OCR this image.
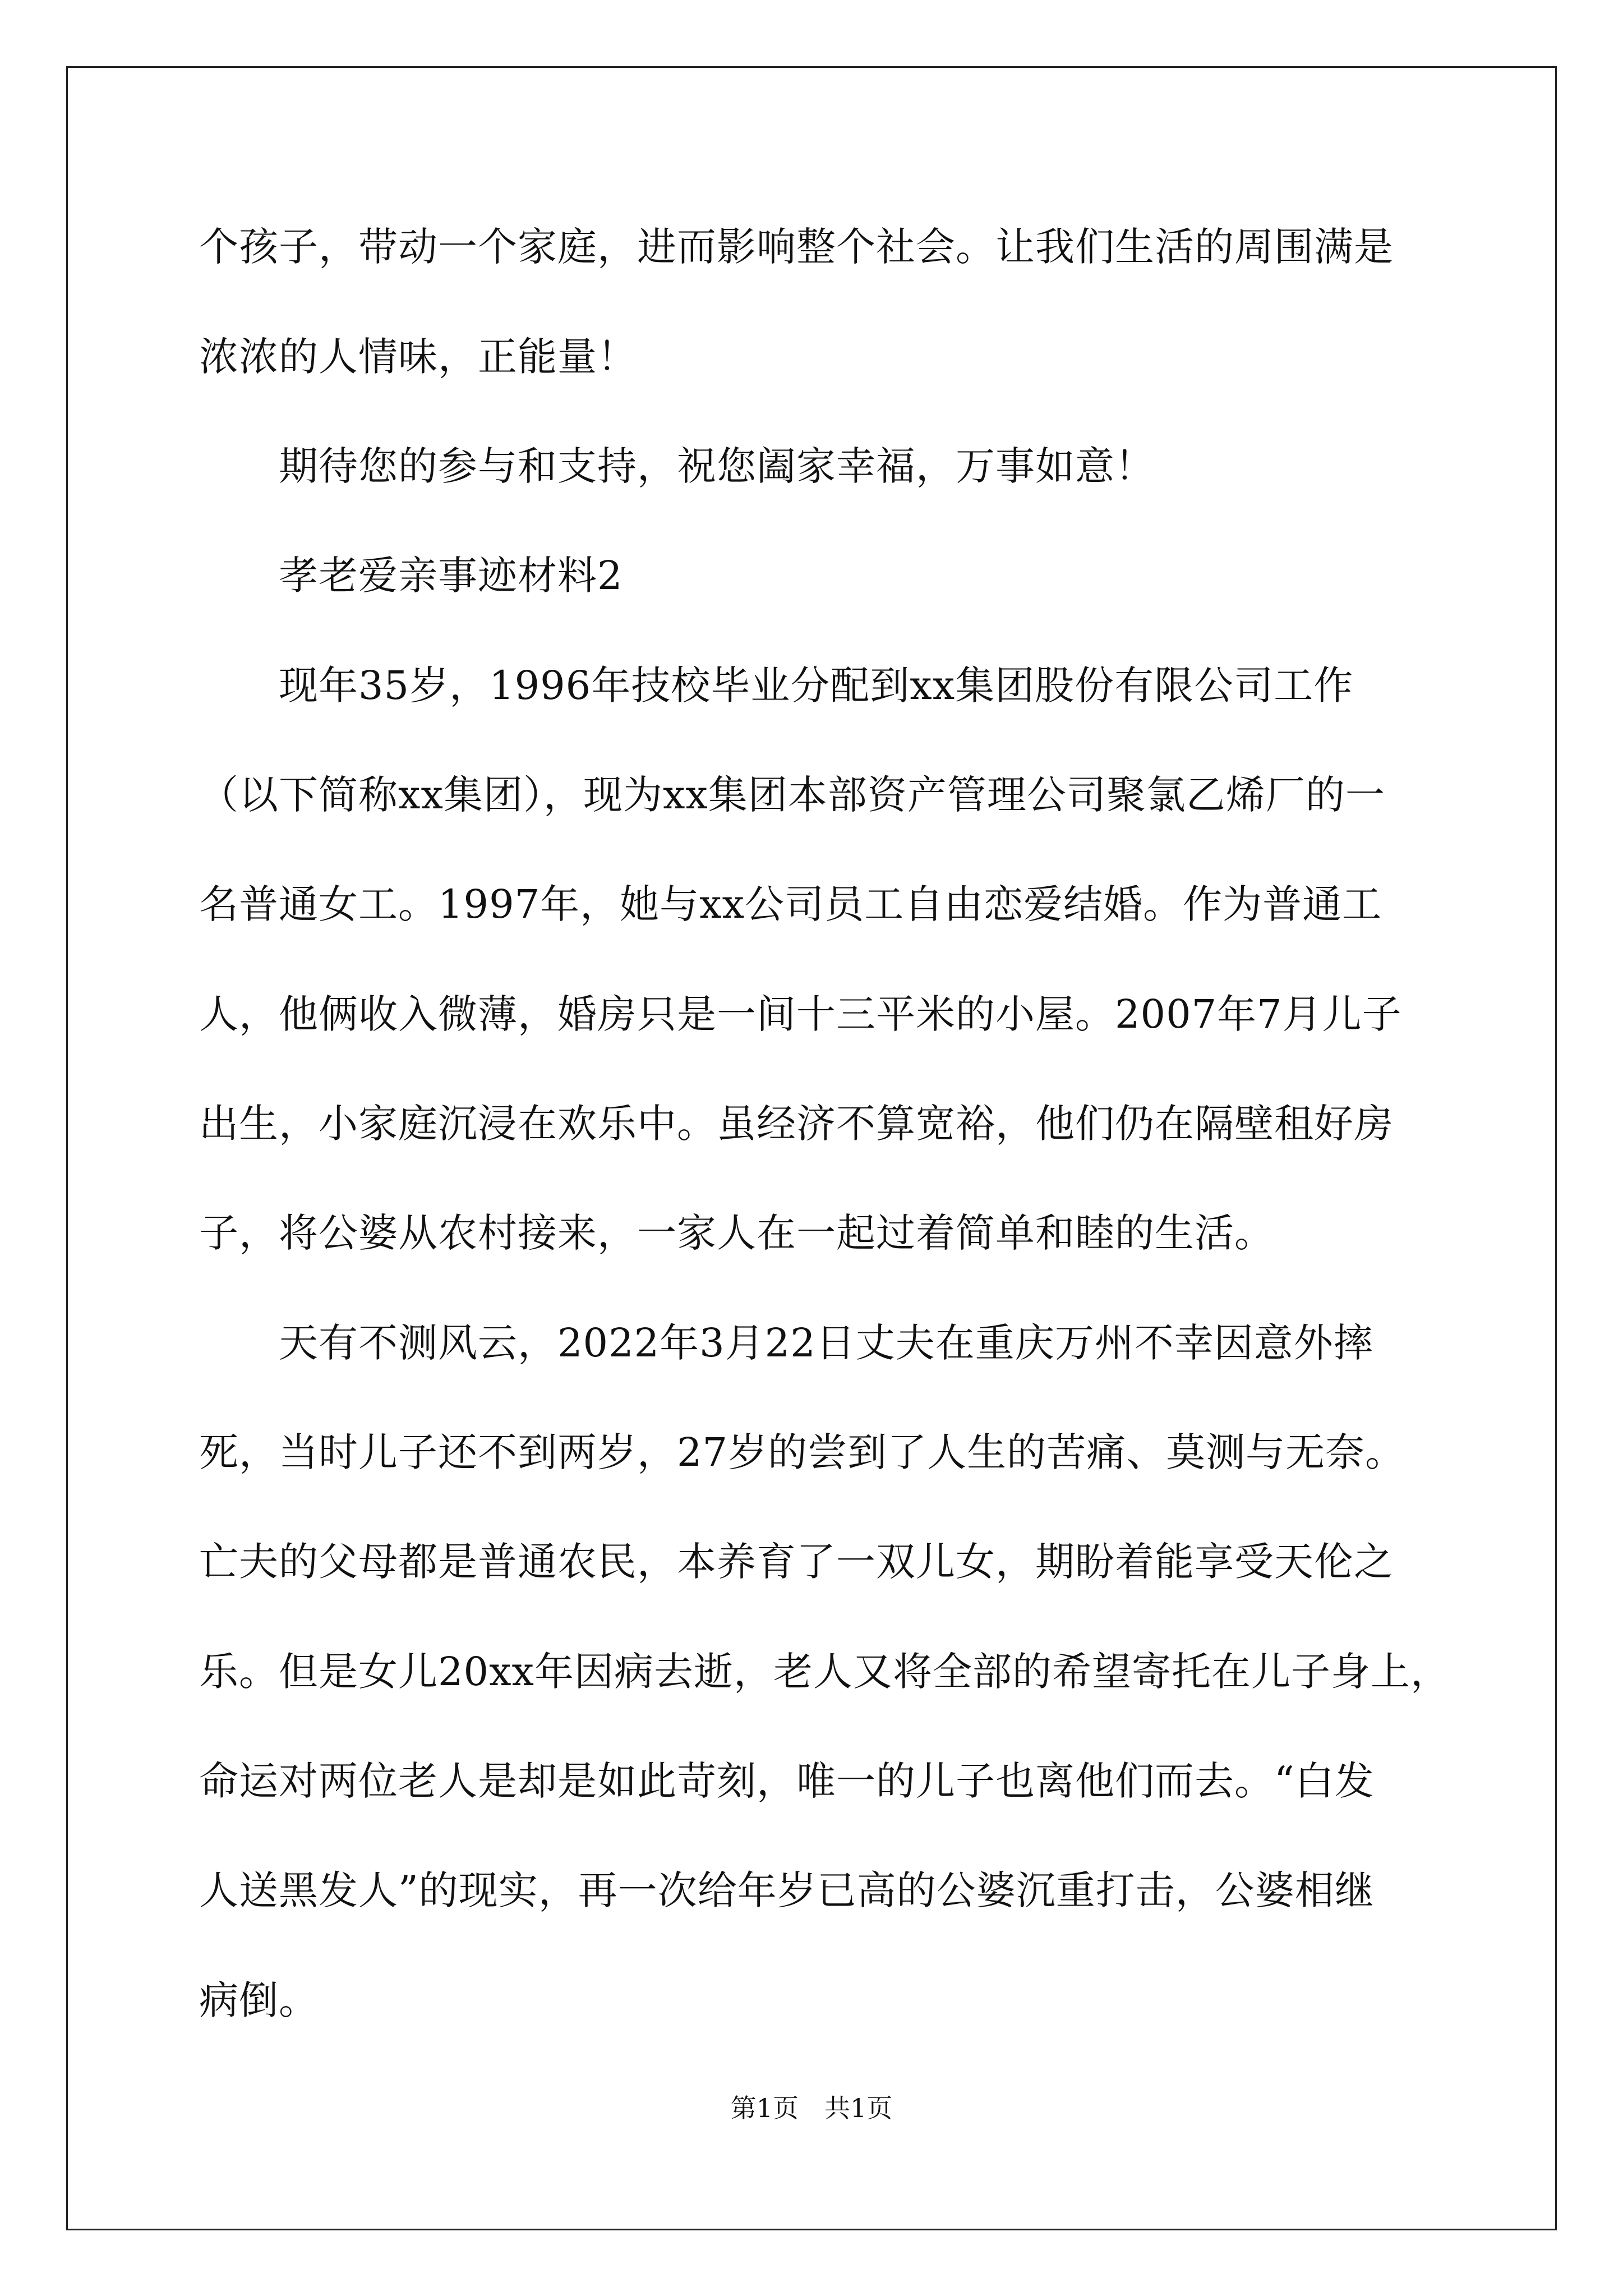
个孩子，带动一个家庭，进而影响整个社会。让我们生活的周围满是
浓浓的人情味，正能量！
期待您的参与和支持，祝您阖家幸福，万事如意！
孝老爱亲事迹材料2
现年35岁，1996年技校毕业分配到xx集团股份有限公司工作
（以下简称xx集团），现为xx集团本部资产管理公司聚氯乙烯厂的一
名普通女工。1997年，她与xx公司员工自由恋爱结婚。作为普通工
人，他俩收入微薄，婚房只是一间十三平米的小屋。2007年7月儿子
出生，小家庭沉浸在欢乐中。虽经济不算宽裕，他们仍在隔壁租好房
子，将公婆从农村接来，一家人在一起过着简单和睦的生活。
天有不测风云，2022年3月22日丈夫在重庆万州不幸因意外摔
死，当时儿子还不到两岁，27岁的尝到了人生的苦痛、莫测与无奈。
亡夫的父母都是普通农民，本养育了一双儿女，期盼着能享受天伦之
乐。但是女儿20xx年因病去逝，老人又将全部的希望寄托在儿子身上，
命运对两位老人是却是如此苛刻，唯一的儿子也离他们而去。“白发
人送黑发人”的现实，再一次给年岁已高的公婆沉重打击，公婆相继
病倒。
第1页　共1页
